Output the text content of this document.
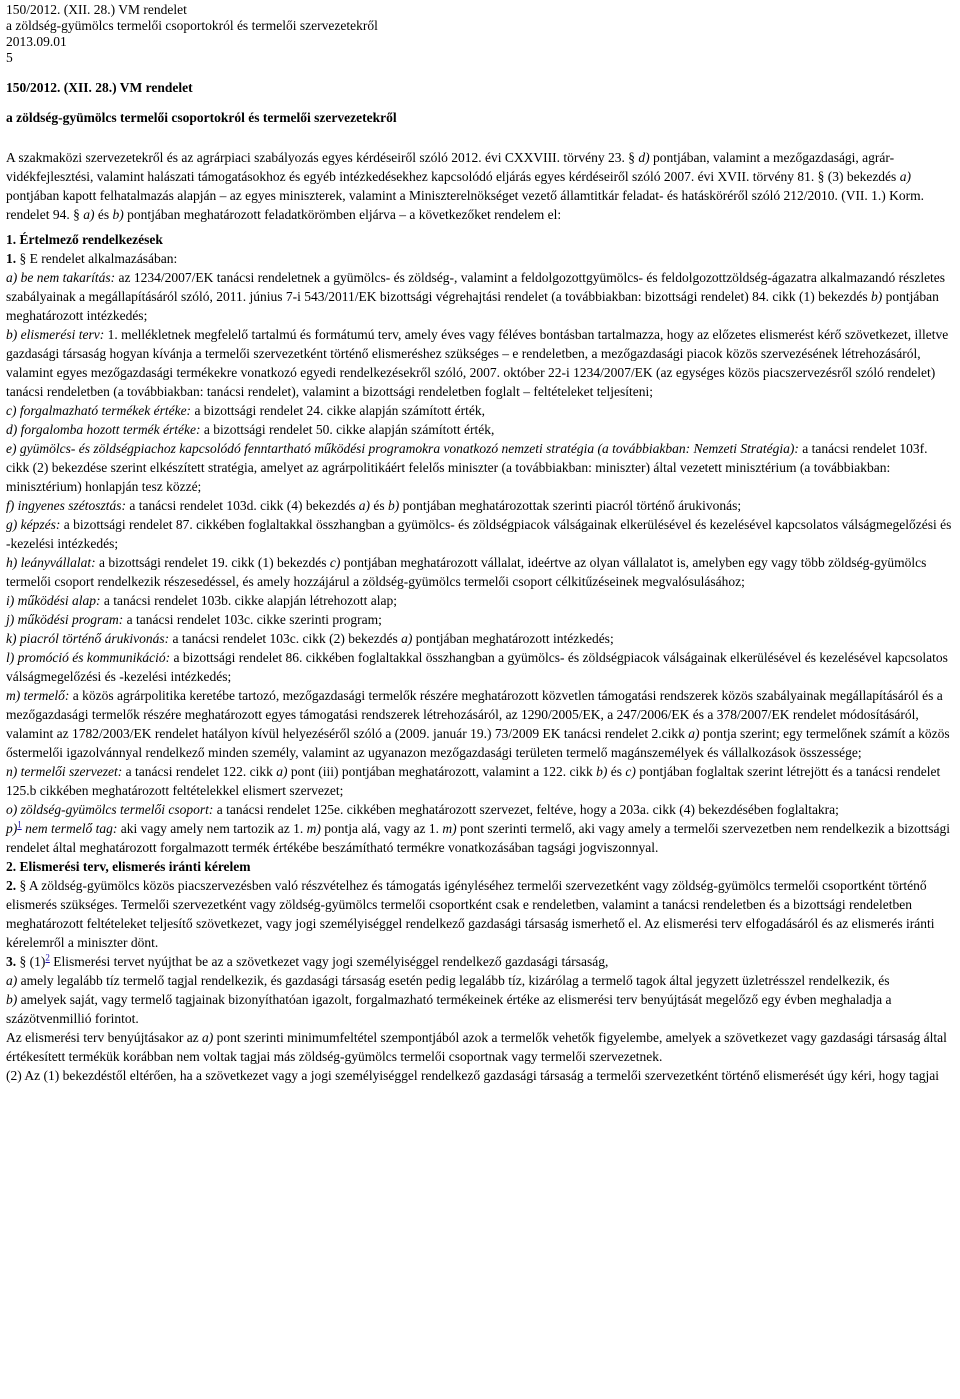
150/2012. (XII. 28.) VM rendelet
a zöldség-gyümölcs termelői csoportokról és termelői szervezetekről
2013.09.01
5
150/2012. (XII. 28.) VM rendelet
a zöldség-gyümölcs termelői csoportokról és termelői szervezetekről

A szakmaközi szervezetekről és az agrárpiaci szabályozás egyes kérdéseiről szóló 2012. évi CXXVIII. törvény 23. § d) pontjában, valamint a mezőgazdasági, agrár-vidékfejlesztési, valamint halászati támogatásokhoz és egyéb intézkedésekhez kapcsolódó eljárás egyes kérdéseiről szóló 2007. évi XVII. törvény 81. § (3) bekezdés a) pontjában kapott felhatalmazás alapján – az egyes miniszterek, valamint a Miniszterelnökséget vezető államtitkár feladat- és hatásköréről szóló 212/2010. (VII. 1.) Korm. rendelet 94. § a) és b) pontjában meghatározott feladatkörömben eljárva – a következőket rendelem el:

1. Értelmező rendelkezések

1. § E rendelet alkalmazásában:

a) be nem takarítás: az 1234/2007/EK tanácsi rendeletnek a gyümölcs- és zöldség-, valamint a feldolgozottgyümölcs- és feldolgozottzöldség-ágazatra alkalmazandó részletes szabályainak a megállapításáról szóló, 2011. június 7-i 543/2011/EK bizottsági végrehajtási rendelet (a továbbiakban: bizottsági rendelet) 84. cikk (1) bekezdés b) pontjában meghatározott intézkedés;

b) elismerési terv: 1. mellékletnek megfelelő tartalmú és formátumú terv, amely éves vagy féléves bontásban tartalmazza, hogy az előzetes elismerést kérő szövetkezet, illetve gazdasági társaság hogyan kívánja a termelői szervezetként történő elismeréshez szükséges – e rendeletben, a mezőgazdasági piacok közös szervezésének létrehozásáról, valamint egyes mezőgazdasági termékekre vonatkozó egyedi rendelkezésekről szóló, 2007. október 22-i 1234/2007/EK (az egységes közös piacszervezésről szóló rendelet) tanácsi rendeletben (a továbbiakban: tanácsi rendelet), valamint a bizottsági rendeletben foglalt – feltételeket teljesíteni;

c) forgalmazható termékek értéke: a bizottsági rendelet 24. cikke alapján számított érték,

d) forgalomba hozott termék értéke: a bizottsági rendelet 50. cikke alapján számított érték,

e) gyümölcs- és zöldségpiachoz kapcsolódó fenntartható működési programokra vonatkozó nemzeti stratégia (a továbbiakban: Nemzeti Stratégia): a tanácsi rendelet 103f. cikk (2) bekezdése szerint elkészített stratégia, amelyet az agrárpolitikáért felelős miniszter (a továbbiakban: miniszter) által vezetett minisztérium (a továbbiakban: minisztérium) honlapján tesz közzé;

f) ingyenes szétosztás: a tanácsi rendelet 103d. cikk (4) bekezdés a) és b) pontjában meghatározottak szerinti piacról történő árukivonás;

g) képzés: a bizottsági rendelet 87. cikkében foglaltakkal összhangban a gyümölcs- és zöldségpiacok válságainak elkerülésével és kezelésével kapcsolatos válságmegelőzési és -kezelési intézkedés;

h) leányvállalat: a bizottsági rendelet 19. cikk (1) bekezdés c) pontjában meghatározott vállalat, ideértve az olyan vállalatot is, amelyben egy vagy több zöldség-gyümölcs termelői csoport rendelkezik részesedéssel, és amely hozzájárul a zöldség-gyümölcs termelői csoport célkitűzéseinek megvalósulásához;

i) működési alap: a tanácsi rendelet 103b. cikke alapján létrehozott alap;

j) működési program: a tanácsi rendelet 103c. cikke szerinti program;

k) piacról történő árukivonás: a tanácsi rendelet 103c. cikk (2) bekezdés a) pontjában meghatározott intézkedés;

l) promóció és kommunikáció: a bizottsági rendelet 86. cikkében foglaltakkal összhangban a gyümölcs- és zöldségpiacok válságainak elkerülésével és kezelésével kapcsolatos válságmegelőzési és -kezelési intézkedés;

m) termelő: a közös agrárpolitika keretébe tartozó, mezőgazdasági termelők részére meghatározott közvetlen támogatási rendszerek közös szabályainak megállapításáról és a mezőgazdasági termelők részére meghatározott egyes támogatási rendszerek létrehozásáról, az 1290/2005/EK, a 247/2006/EK és a 378/2007/EK rendelet módosításáról, valamint az 1782/2003/EK rendelet hatályon kívül helyezéséről szóló a (2009. január 19.) 73/2009 EK tanácsi rendelet 2.cikk a) pontja szerint; egy termelőnek számít a közös őstermelői igazolvánnyal rendelkező minden személy, valamint az ugyanazon mezőgazdasági területen termelő magánszemélyek és vállalkozások összessége;

n) termelői szervezet: a tanácsi rendelet 122. cikk a) pont (iii) pontjában meghatározott, valamint a 122. cikk b) és c) pontjában foglaltak szerint létrejött és a tanácsi rendelet 125.b cikkében meghatározott feltételekkel elismert szervezet;

o) zöldség-gyümölcs termelői csoport: a tanácsi rendelet 125e. cikkében meghatározott szervezet, feltéve, hogy a 203a. cikk (4) bekezdésében foglaltakra;

p)$^1$ nem termelő tag: aki vagy amely nem tartozik az 1. m) pontja alá, vagy az 1. m) pont szerinti termelő, aki vagy amely a termelői szervezetben nem rendelkezik a bizottsági rendelet által meghatározott forgalmazott termék értékébe beszámítható termékre vonatkozásában tagsági jogviszonnyal.

2. Elismerési terv, elismerés iránti kérelem

2. § A zöldség-gyümölcs közös piacszervezésben való részvételhez és támogatás igényléséhez termelői szervezetként vagy zöldség-gyümölcs termelői csoportként történő elismerés szükséges. Termelői szervezetként vagy zöldség-gyümölcs termelői csoportként csak e rendeletben, valamint a tanácsi rendeletben és a bizottsági rendeletben meghatározott feltételeket teljesítő szövetkezet, vagy jogi személyiséggel rendelkező gazdasági társaság ismerhető el. Az elismerési terv elfogadásáról és az elismerés iránti kérelemről a miniszter dönt.

3. § (1)$^2$ Elismerési tervet nyújthat be az a szövetkezet vagy jogi személyiséggel rendelkező gazdasági társaság,

a) amely legalább tíz termelő tagjal rendelkezik, és gazdasági társaság esetén pedig legalább tíz, kizárólag a termelő tagok által jegyzett üzletrésszel rendelkezik, és

b) amelyek saját, vagy termelő tagjainak bizonyíthatóan igazolt, forgalmazható termékeinek értéke az elismerési terv benyújtását megelőző egy évben meghaladja a százötvenmillió forintot.

Az elismerési terv benyújtásakor az a) pont szerinti minimumfeltétel szempontjából azok a termelők vehetők figyelembe, amelyek a szövetkezet vagy gazdasági társaság által értékesített termékük korábban nem voltak tagjai más zöldség-gyümölcs termelői csoportnak vagy termelői szervezetnek.

(2) Az (1) bekezdéstől eltérően, ha a szövetkezet vagy a jogi személyiséggel rendelkező gazdasági társaság a termelői szervezetként történő elismerését úgy kéri, hogy tagjai
